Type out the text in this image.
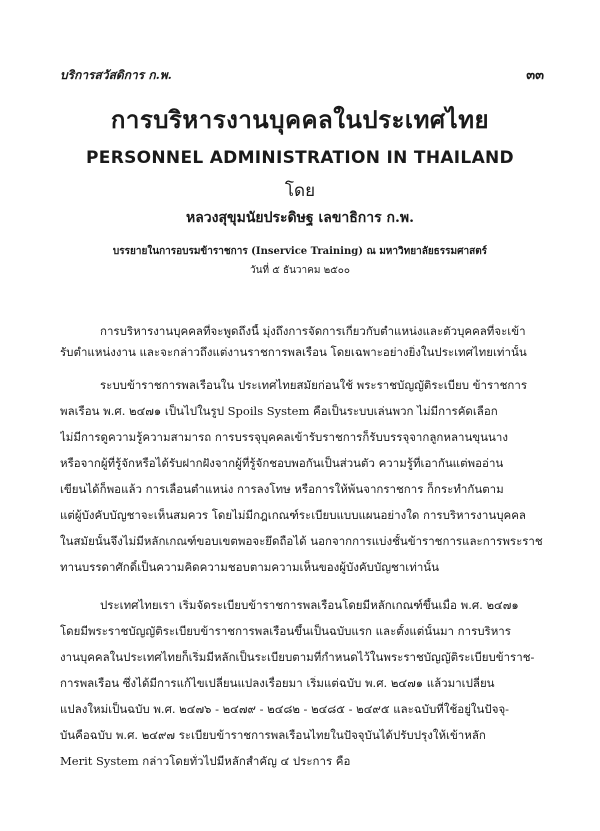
บริการสวัสดิการ ก.พ.	๓๓
การบริหารงานบุคคลในประเทศไทย
PERSONNEL ADMINISTRATION IN THAILAND
โดย
หลวงสุขุมนัยประดิษฐ เลขาธิการ ก.พ.
บรรยายในการอบรมข้าราชการ (Inservice Training) ณ มหาวิทยาลัยธรรมศาสตร์
วันที่ ๕ ธันวาคม ๒๕๐๐
การบริหารงานบุคคลที่จะพูดถึงนี้ มุ่งถึงการจัดการเกี่ยวกับตำแหน่งและตัวบุคคลที่จะเข้า
รับตำแหน่งงาน และจะกล่าวถึงแต่งานราชการพลเรือน โดยเฉพาะอย่างยิ่งในประเทศไทยเท่านั้น
ระบบข้าราชการพลเรือนใน ประเทศไทยสมัยก่อนใช้ พระราชบัญญัติระเบียบ ข้าราชการ
พลเรือน พ.ศ. ๒๔๗๑ เป็นไปในรูป Spoils System คือเป็นระบบเล่นพวก ไม่มีการคัดเลือก
ไม่มีการดูความรู้ความสามารถ การบรรจุบุคคลเข้ารับราชการก็รับบรรจุจากลูกหลานขุนนาง
หรือจากผู้ที่รู้จักหรือได้รับฝากฝังจากผู้ที่รู้จักชอบพอกันเป็นส่วนตัว ความรู้ที่เอากันแต่พออ่าน
เขียนได้ก็พอแล้ว การเลื่อนตำแหน่ง การลงโทษ หรือการให้พ้นจากราชการ ก็กระทำกันตาม
แต่ผู้บังคับบัญชาจะเห็นสมควร โดยไม่มีกฎเกณฑ์ระเบียบแบบแผนอย่างใด การบริหารงานบุคคล
ในสมัยนั้นจึงไม่มีหลักเกณฑ์ขอบเขตพอจะยึดถือได้ นอกจากการแบ่งชั้นข้าราชการและการพระราช
ทานบรรดาศักดิ์เป็นความคิดความชอบตามความเห็นของผู้บังคับบัญชาเท่านั้น
ประเทศไทยเรา เริ่มจัดระเบียบข้าราชการพลเรือนโดยมีหลักเกณฑ์ขึ้นเมื่อ พ.ศ. ๒๔๗๑
โดยมีพระราชบัญญัติระเบียบข้าราชการพลเรือนขึ้นเป็นฉบับแรก และตั้งแต่นั้นมา การบริหาร
งานบุคคลในประเทศไทยก็เริ่มมีหลักเป็นระเบียบตามที่กำหนดไว้ในพระราชบัญญัติระเบียบข้าราช-
การพลเรือน ซึ่งได้มีการแก้ไขเปลี่ยนแปลงเรื่อยมา เริ่มแต่ฉบับ พ.ศ. ๒๔๗๑ แล้วมาเปลี่ยน
แปลงใหม่เป็นฉบับ พ.ศ. ๒๔๗๖ - ๒๔๗๙ - ๒๔๘๒ - ๒๔๘๕ - ๒๔๙๕ และฉบับที่ใช้อยู่ในปัจจุ-
บันคือฉบับ พ.ศ. ๒๔๙๗ ระเบียบข้าราชการพลเรือนไทยในปัจจุบันได้ปรับปรุงให้เข้าหลัก
Merit System กล่าวโดยทั่วไปมีหลักสำคัญ ๔ ประการ คือ
